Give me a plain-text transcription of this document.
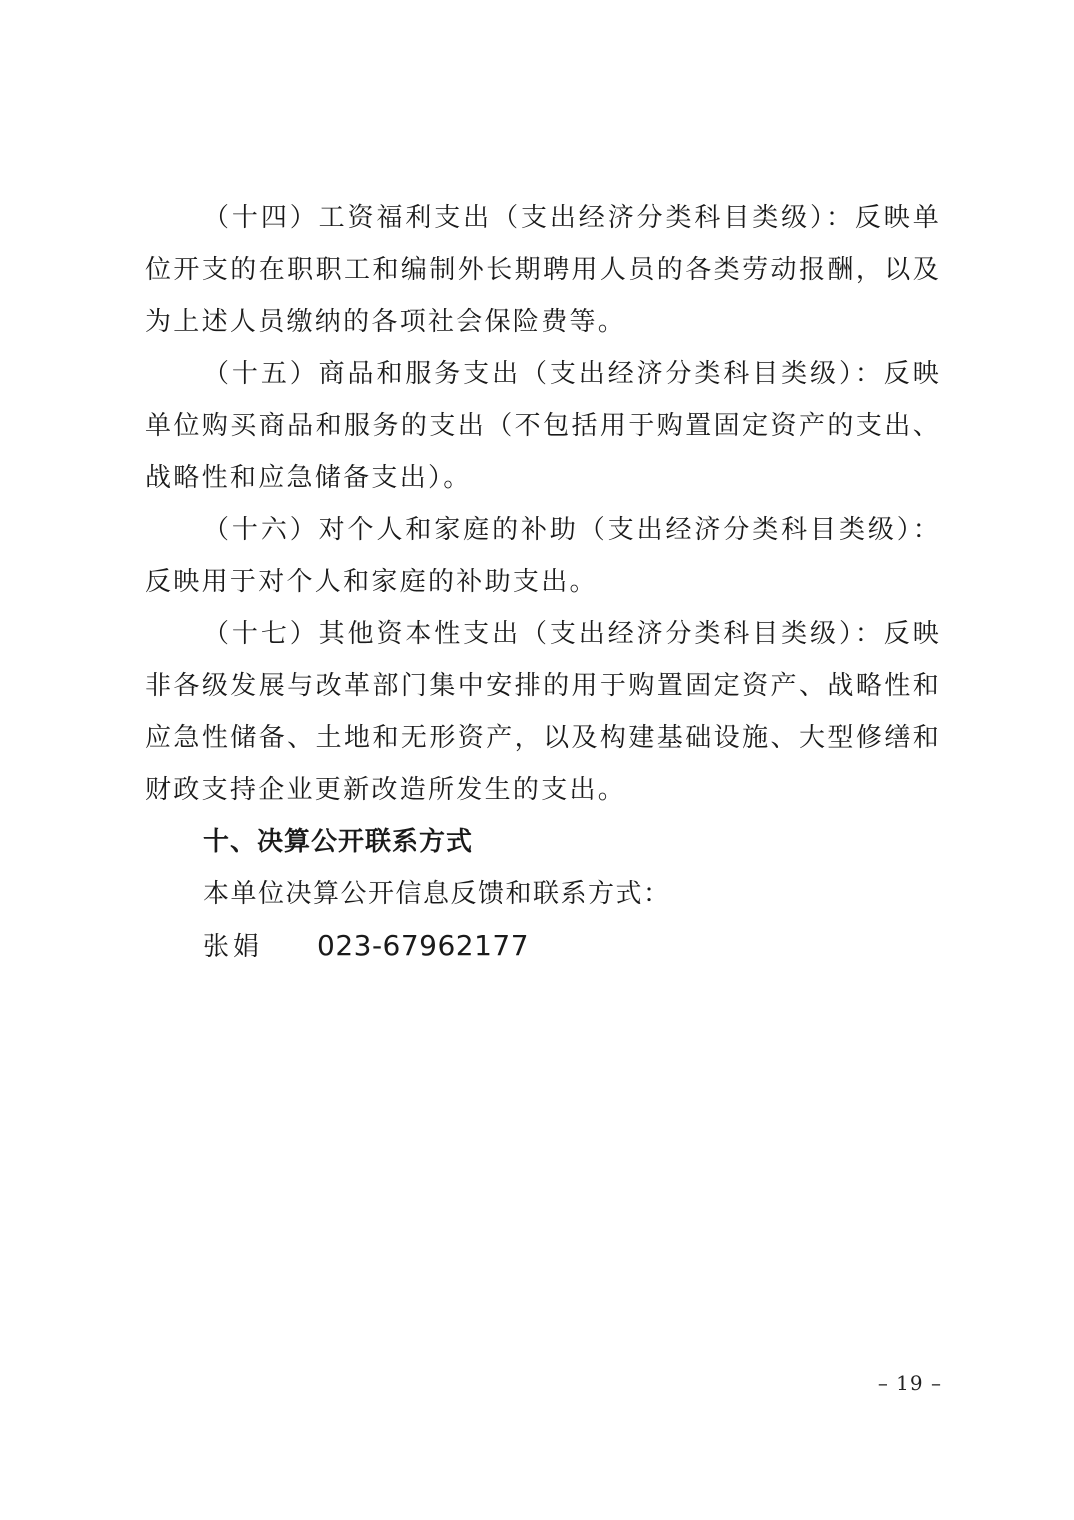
（十四）工资福利支出（支出经济分类科目类级）：反映单位开支的在职职工和编制外长期聘用人员的各类劳动报酬，以及为上述人员缴纳的各项社会保险费等。

（十五）商品和服务支出（支出经济分类科目类级）：反映单位购买商品和服务的支出（不包括用于购置固定资产的支出、战略性和应急储备支出）。

（十六）对个人和家庭的补助（支出经济分类科目类级）：反映用于对个人和家庭的补助支出。

（十七）其他资本性支出（支出经济分类科目类级）：反映非各级发展与改革部门集中安排的用于购置固定资产、战略性和应急性储备、土地和无形资产，以及构建基础设施、大型修缮和财政支持企业更新改造所发生的支出。

十、决算公开联系方式

本单位决算公开信息反馈和联系方式：

张娟	023-67962177

– 19 –
